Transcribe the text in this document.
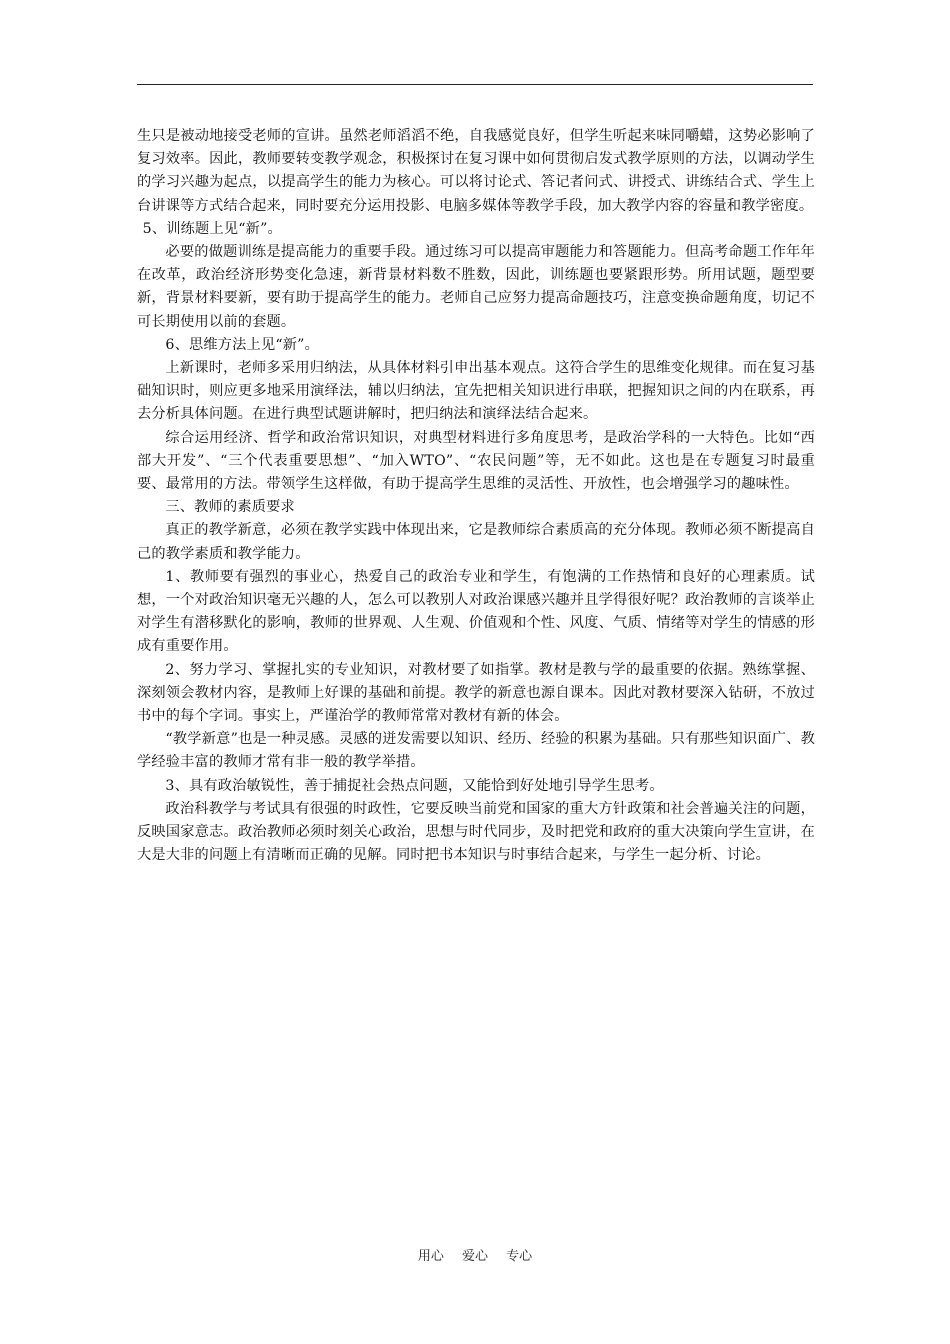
生只是被动地接受老师的宣讲。虽然老师滔滔不绝，自我感觉良好，但学生听起来味同嚼蜡，这势必影响了复习效率。因此，教师要转变教学观念，积极探讨在复习课中如何贯彻启发式教学原则的方法，以调动学生的学习兴趣为起点，以提高学生的能力为核心。可以将讨论式、答记者问式、讲授式、讲练结合式、学生上台讲课等方式结合起来，同时要充分运用投影、电脑多媒体等教学手段，加大教学内容的容量和教学密度。

5、训练题上见“新”。

必要的做题训练是提高能力的重要手段。通过练习可以提高审题能力和答题能力。但高考命题工作年年在改革，政治经济形势变化急速，新背景材料数不胜数，因此，训练题也要紧跟形势。所用试题，题型要新，背景材料要新，要有助于提高学生的能力。老师自己应努力提高命题技巧，注意变换命题角度，切记不可长期使用以前的套题。

6、思维方法上见“新”。

上新课时，老师多采用归纳法，从具体材料引申出基本观点。这符合学生的思维变化规律。而在复习基础知识时，则应更多地采用演绎法，辅以归纳法，宜先把相关知识进行串联，把握知识之间的内在联系，再去分析具体问题。在进行典型试题讲解时，把归纳法和演绎法结合起来。

综合运用经济、哲学和政治常识知识，对典型材料进行多角度思考，是政治学科的一大特色。比如“西部大开发”、“三个代表重要思想”、“加入WTO”、“农民问题”等，无不如此。这也是在专题复习时最重要、最常用的方法。带领学生这样做，有助于提高学生思维的灵活性、开放性，也会增强学习的趣味性。

三、教师的素质要求

真正的教学新意，必须在教学实践中体现出来，它是教师综合素质高的充分体现。教师必须不断提高自己的教学素质和教学能力。

1、教师要有强烈的事业心，热爱自己的政治专业和学生，有饱满的工作热情和良好的心理素质。试想，一个对政治知识毫无兴趣的人，怎么可以教别人对政治课感兴趣并且学得很好呢？政治教师的言谈举止对学生有潜移默化的影响，教师的世界观、人生观、价值观和个性、风度、气质、情绪等对学生的情感的形成有重要作用。

2、努力学习、掌握扎实的专业知识，对教材要了如指掌。教材是教与学的最重要的依据。熟练掌握、深刻领会教材内容，是教师上好课的基础和前提。教学的新意也源自课本。因此对教材要深入钻研，不放过书中的每个字词。事实上，严谨治学的教师常常对教材有新的体会。

“教学新意”也是一种灵感。灵感的迸发需要以知识、经历、经验的积累为基础。只有那些知识面广、教学经验丰富的教师才常有非一般的教学举措。

3、具有政治敏锐性，善于捕捉社会热点问题，又能恰到好处地引导学生思考。

政治科教学与考试具有很强的时政性，它要反映当前党和国家的重大方针政策和社会普遍关注的问题，反映国家意志。政治教师必须时刻关心政治，思想与时代同步，及时把党和政府的重大决策向学生宣讲，在大是大非的问题上有清晰而正确的见解。同时把书本知识与时事结合起来，与学生一起分析、讨论。

用心 爱心 专心
